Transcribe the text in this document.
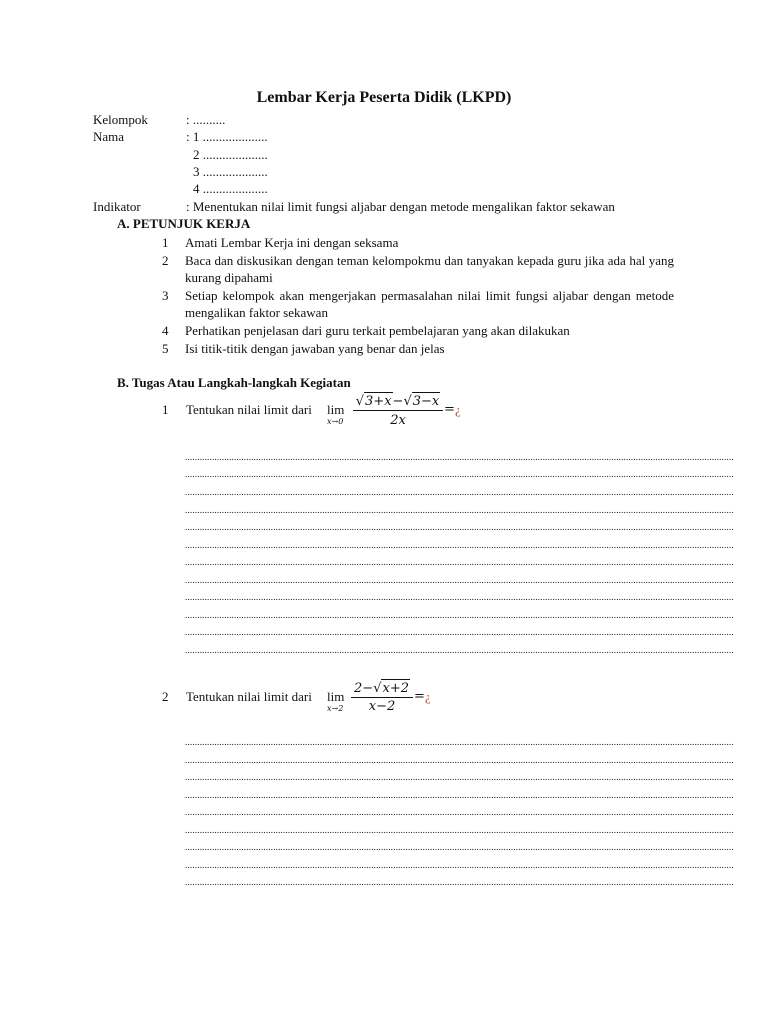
Lembar Kerja Peserta Didik (LKPD)
Kelompok	: ..........
Nama	: 1 ....................
2 ....................
3 ....................
4 ....................
Indikator	: Menentukan nilai limit fungsi aljabar dengan metode mengalikan faktor sekawan
A. PETUNJUK KERJA
1 Amati Lembar Kerja ini dengan seksama
2 Baca dan diskusikan dengan teman kelompokmu dan tanyakan kepada guru jika ada hal yang kurang dipahami
3 Setiap kelompok akan mengerjakan permasalahan nilai limit fungsi aljabar dengan metode mengalikan faktor sekawan
4 Perhatikan penjelasan dari guru terkait pembelajaran yang akan dilakukan
5 Isi titik-titik dengan jawaban yang benar dan jelas
B. Tugas Atau Langkah-langkah Kegiatan
1 Tentukan nilai limit dari lim
x→0
√3+x−√3−x
2x
= ¿
................................................................................................................................................................................................................................
................................................................................................................................................................................................................................
................................................................................................................................................................................................................................
................................................................................................................................................................................................................................
................................................................................................................................................................................................................................
................................................................................................................................................................................................................................
................................................................................................................................................................................................................................
................................................................................................................................................................................................................................
................................................................................................................................................................................................................................
................................................................................................................................................................................................................................
................................................................................................................................................................................................................................
................................................................................................................................................................................................................................
2 Tentukan nilai limit dari lim
x→2
2−√x+2
x−2
= ¿
................................................................................................................................................................................................................................
................................................................................................................................................................................................................................
................................................................................................................................................................................................................................
................................................................................................................................................................................................................................
................................................................................................................................................................................................................................
................................................................................................................................................................................................................................
................................................................................................................................................................................................................................
................................................................................................................................................................................................................................
................................................................................................................................................................................................................................
